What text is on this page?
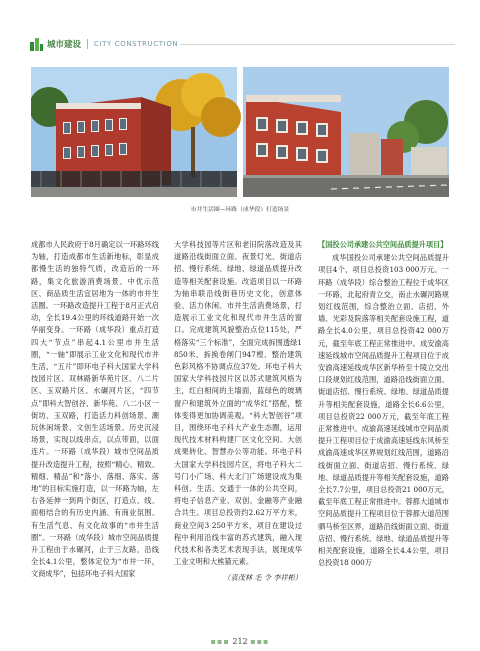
城市建设 CITY CONSTRUCTION
市井生活圈—环路（成华段）打造场景

成都市人民政府于8月确定以一环路环线为轴，打造成都市生活新地标，彰显成都慢生活的独特气质，改造后的一环路，集文化旅游消费场景、中优示范区、商品质生活宜居地为一体的市井生活圈。一环路改造提升工程于8月正式启动，全长19.4公里的环线道路开始一次华丽变身。一环路（成华段）重点打造四大“节点”串起4.1公里市井生活圈，“一轴”即展示工业文化和现代市井生活，“五片”即环电子科大国家大学科技园片区、双林路新华苑片区、八二片区、玉双路片区、水碾河片区，“四节点”即科大智创谷、新华苑、八二小区一街坊、玉双路，打造活力科创场景、潮玩休闲场景、文创生活场景、历史沉浸场景，实现以线串点，以点带面，以面连片。一环路（成华段）城市空间品质提升改造提升工程，按照“精心、精致、精细、精品”和“落小、落细、落实、落地”的目标实施打造，以一环路为轴，左右各延伸一到两个街区，打造点、线、面相结合的有历史内涵、有商业氛围、有生活气息、有文化故事的“市井生活圈”。一环路（成华段）城市空间品质提升工程由于水碾河，止于三友路，沿线全长4.1公里，整体定位为“市井一环，文商成华”，包括环电子科大国家

大学科技园等片区和老旧院落改造及其道路沿线街面立面、夜景灯光、街道店招、慢行系统、绿地、绿道品质提升改造等相关配套设施。改造项目以一环路为轴串联沿线街巷历史文化，创意体验、活力休闲、市井生活消费场景，打造展示工业文化和现代市井生活的窗口。完成建筑风貌整治点位115处，严格落实“三个标准”，全面完成拆围透绿1 850米、拆换卷闸门947樘、整治建筑色彩风格不协调点位37处。环电子科大国家大学科技园片区以苏式建筑风格为主，红白相间的主墙面，蓝绿色的玻璃窗户和建筑外立面的“成华红”搭配，整体变得更加协调美观。“科大智创谷”项目，围绕环电子科大产业生态圈，运用现代技术材料构建厂区文化空间、大创成果转化、智慧办公等功能。环电子科大国家大学科技园片区，将电子科大二号门小广场、科大北门广场建设成为集科创、生活、交通于一体的公共空间，将电子信息产业、双创、金融等产业融合共生。项目总投资约2.62万平方米，商业空间3 250平方米，项目在建设过程中利用沿线丰富的苏式建筑，融入现代技术和各类艺术表现手法，展现成华工业文明和大熊猫元素。

（袁茂林 毛 令 李祥彬）

【国投公司承建公共空间品质提升项目】

成华国投公司承建公共空间品质提升项目4个，项目总投资103 000万元。一环路（成华段）综合整治工程位于成华区一环路，北起府青立交，南止水碾河路规划红线范围，综合整治立面、店招、外墙、光彩及院落等相关配套设施工程，道路全长4.0公里，项目总投资42 000万元，截至年底工程正常推进中。成安渝高速延线城市空间品质提升工程项目位于成安渝高速延线成华区新华桥至十陵立交出口段规划红线范围，道路沿线街面立面、街道店招、慢行系统、绿地、绿道品质提升等相关配套设施，道路全长6.6公里，项目总投资22 000万元，截至年底工程正常推进中。成渝高速延线城市空间品质提升工程项目位于成渝高速延线东风桥至成渝高速成华区界规划红线范围，道路沿线街面立面、街道店招、慢行系统、绿地、绿道品质提升等相关配套设施，道路全长7.7公里，项目总投资21 000万元，截至年底工程正常推进中。蓉都大道城市空间品质提升工程项目位于蓉都大道范围驷马桥至区界，道路沿线街面立面、街道店招、慢行系统、绿地、绿道品质提升等相关配套设施，道路全长4.4公里，项目总投资18 000万

▪▪▪ 212 ▪▪▪
